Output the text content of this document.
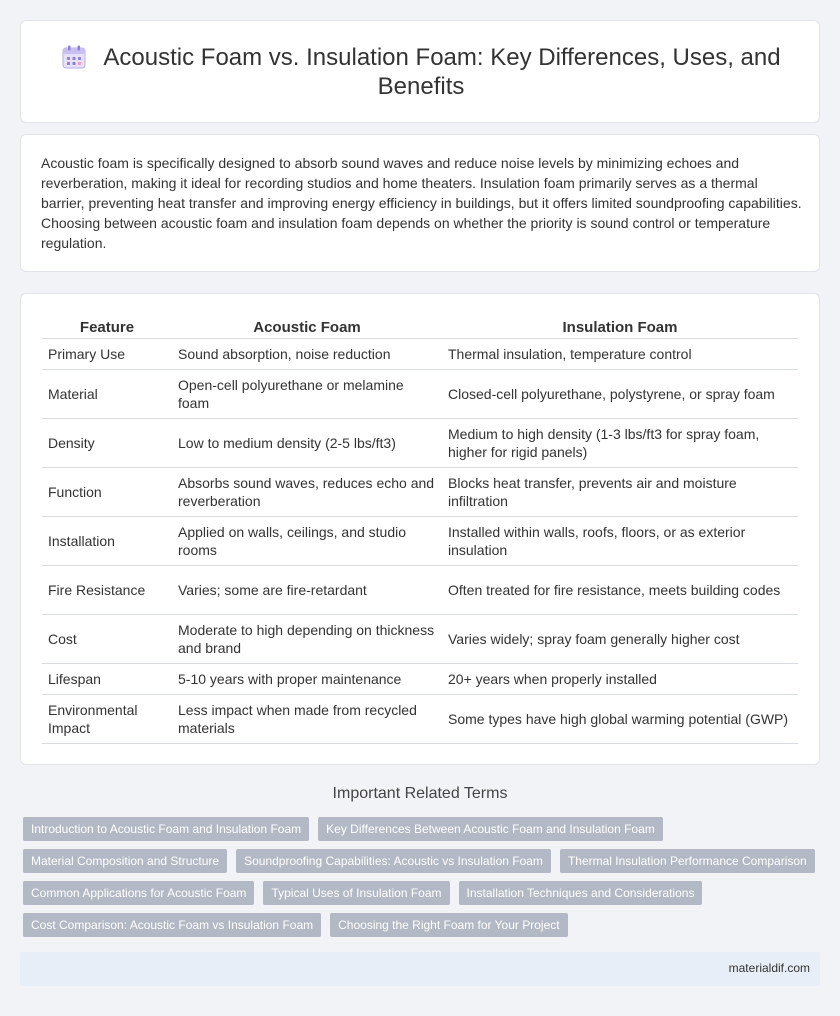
Acoustic Foam vs. Insulation Foam: Key Differences, Uses, and Benefits

Acoustic foam is specifically designed to absorb sound waves and reduce noise levels by minimizing echoes and reverberation, making it ideal for recording studios and home theaters. Insulation foam primarily serves as a thermal barrier, preventing heat transfer and improving energy efficiency in buildings, but it offers limited soundproofing capabilities. Choosing between acoustic foam and insulation foam depends on whether the priority is sound control or temperature regulation.

Feature	Acoustic Foam	Insulation Foam
Primary Use	Sound absorption, noise reduction	Thermal insulation, temperature control
Material	Open-cell polyurethane or melamine foam	Closed-cell polyurethane, polystyrene, or spray foam
Density	Low to medium density (2-5 lbs/ft3)	Medium to high density (1-3 lbs/ft3 for spray foam, higher for rigid panels)
Function	Absorbs sound waves, reduces echo and reverberation	Blocks heat transfer, prevents air and moisture infiltration
Installation	Applied on walls, ceilings, and studio rooms	Installed within walls, roofs, floors, or as exterior insulation
Fire Resistance	Varies; some are fire-retardant	Often treated for fire resistance, meets building codes
Cost	Moderate to high depending on thickness and brand	Varies widely; spray foam generally higher cost
Lifespan	5-10 years with proper maintenance	20+ years when properly installed
Environmental Impact	Less impact when made from recycled materials	Some types have high global warming potential (GWP)
Important Related Terms
Introduction to Acoustic Foam and Insulation Foam	Key Differences Between Acoustic Foam and Insulation Foam
Material Composition and Structure	Soundproofing Capabilities: Acoustic vs Insulation Foam	Thermal Insulation Performance Comparison
Common Applications for Acoustic Foam	Typical Uses of Insulation Foam	Installation Techniques and Considerations
Cost Comparison: Acoustic Foam vs Insulation Foam	Choosing the Right Foam for Your Project
materialdif.com
